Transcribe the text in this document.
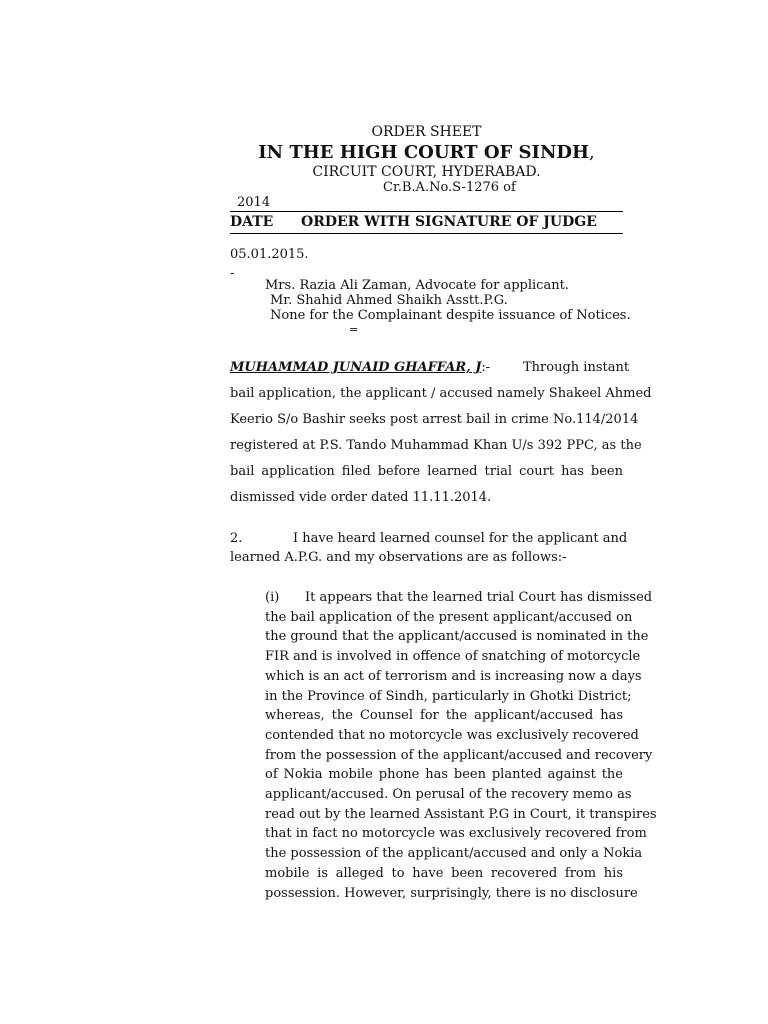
ORDER SHEET
IN THE HIGH COURT OF SINDH,
CIRCUIT COURT, HYDERABAD.
Cr.B.A.No.S-1276 of
2014
DATE ORDER WITH SIGNATURE OF JUDGE
05.01.2015.
-
Mrs. Razia Ali Zaman, Advocate for applicant.
Mr. Shahid Ahmed Shaikh Asstt.P.G.
None for the Complainant despite issuance of Notices.
=
MUHAMMAD JUNAID GHAFFAR, J:-	Through instant
bail application, the applicant / accused namely Shakeel Ahmed
Keerio S/o Bashir seeks post arrest bail in crime No.114/2014
registered at P.S. Tando Muhammad Khan U/s 392 PPC, as the
bail application filed before learned trial court has been
dismissed vide order dated 11.11.2014.
2.	I have heard learned counsel for the applicant and
learned A.P.G. and my observations are as follows:-
(i) It appears that the learned trial Court has dismissed
the bail application of the present applicant/accused on
the ground that the applicant/accused is nominated in the
FIR and is involved in offence of snatching of motorcycle
which is an act of terrorism and is increasing now a days
in the Province of Sindh, particularly in Ghotki District;
whereas, the Counsel for the applicant/accused has
contended that no motorcycle was exclusively recovered
from the possession of the applicant/accused and recovery
of Nokia mobile phone has been planted against the
applicant/accused. On perusal of the recovery memo as
read out by the learned Assistant P.G in Court, it transpires
that in fact no motorcycle was exclusively recovered from
the possession of the applicant/accused and only a Nokia
mobile is alleged to have been recovered from his
possession. However, surprisingly, there is no disclosure
